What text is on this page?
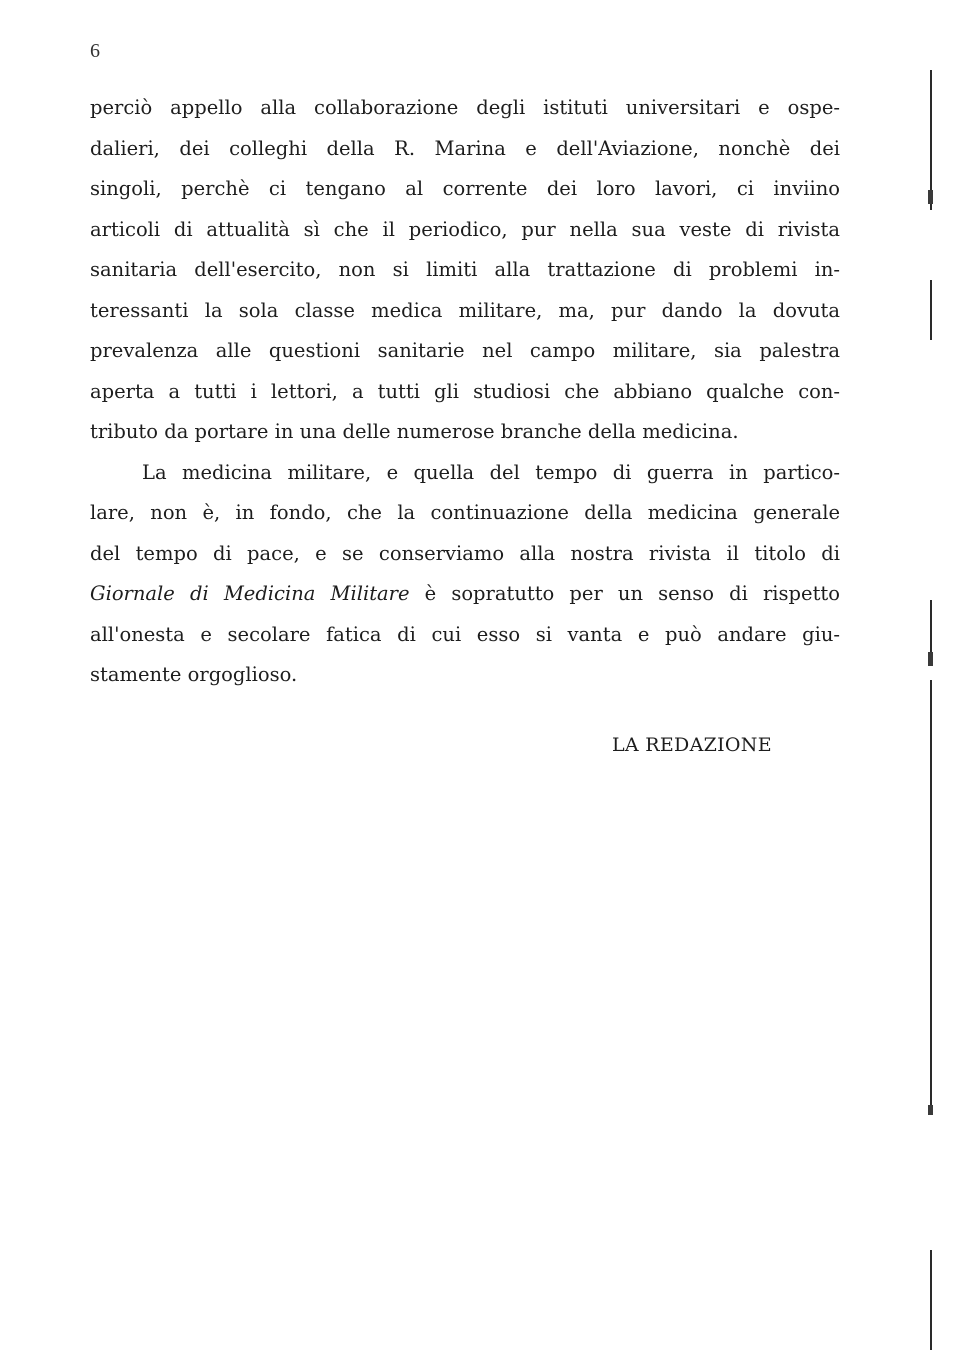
6
perciò appello alla collaborazione degli istituti universitari e ospe-
dalieri, dei colleghi della R. Marina e dell'Aviazione, nonchè dei
singoli, perchè ci tengano al corrente dei loro lavori, ci inviino
articoli di attualità sì che il periodico, pur nella sua veste di rivista
sanitaria dell'esercito, non si limiti alla trattazione di problemi in-
teressanti la sola classe medica militare, ma, pur dando la dovuta
prevalenza alle questioni sanitarie nel campo militare, sia palestra
aperta a tutti i lettori, a tutti gli studiosi che abbiano qualche con-
tributo da portare in una delle numerose branche della medicina.
La medicina militare, e quella del tempo di guerra in partico-
lare, non è, in fondo, che la continuazione della medicina generale
del tempo di pace, e se conserviamo alla nostra rivista il titolo di
Giornale di Medicina Militare è sopratutto per un senso di rispetto
all'onesta e secolare fatica di cui esso si vanta e può andare giu-
stamente orgoglioso.
LA REDAZIONE
